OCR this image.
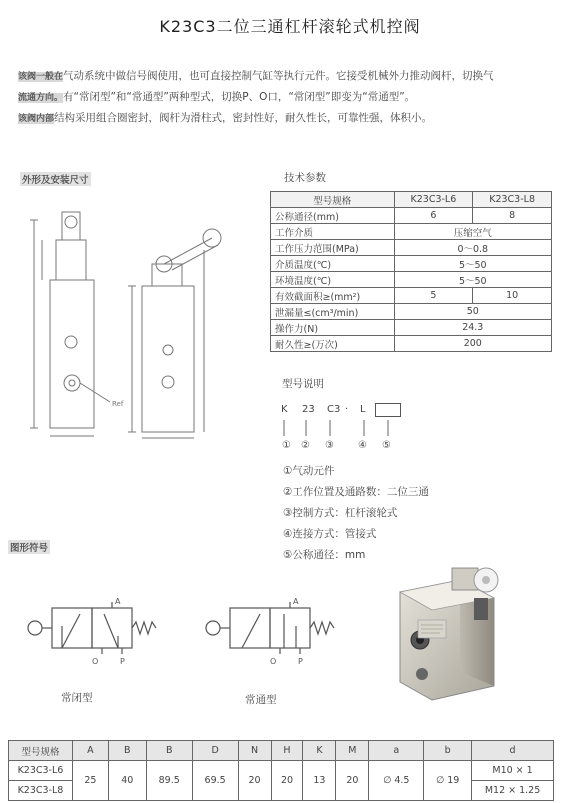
K23C3二位三通杠杆滚轮式机控阀
该阀一般在气动系统中做信号阀使用，也可直接控制气缸等执行元件。它接受机械外力推动阀杆，切换气
流通方向。有“常闭型”和“常通型”两种型式，切换P、O口，“常闭型”即变为“常通型”。
该阀内部结构采用组合圈密封，阀杆为滑柱式，密封性好，耐久性长，可靠性强，体积小。
外形及安装尺寸
Ref
技术参数
型号规格	K23C3-L6	K23C3-L8
公称通径(mm)	6	8
工作介质	压缩空气	
工作压力范围(MPa)	0～0.8	
介质温度(℃)	5～50	
环境温度(℃)	5～50	
有效截面积≥(mm²)	5	10
泄漏量≤(cm³/min)	50	
操作力(N)	24.3	
耐久性≥(万次)	200	
型号说明
K 23 C3 · L
① ② ③ ④ ⑤
①气动元件
②工作位置及通路数：二位三通
③控制方式：杠杆滚轮式
④连接方式：管接式
⑤公称通径：mm
图形符号
A
O	P
常闭型
A
O	P
常通型
型号规格	A	B	B	D	N	H	K	M	a	b	d
K23C3-L6	25	40	89.5	69.5	20	20	13	20	∅ 4.5	∅ 19	M10 × 1
K23C3-L8											M12 × 1.25
